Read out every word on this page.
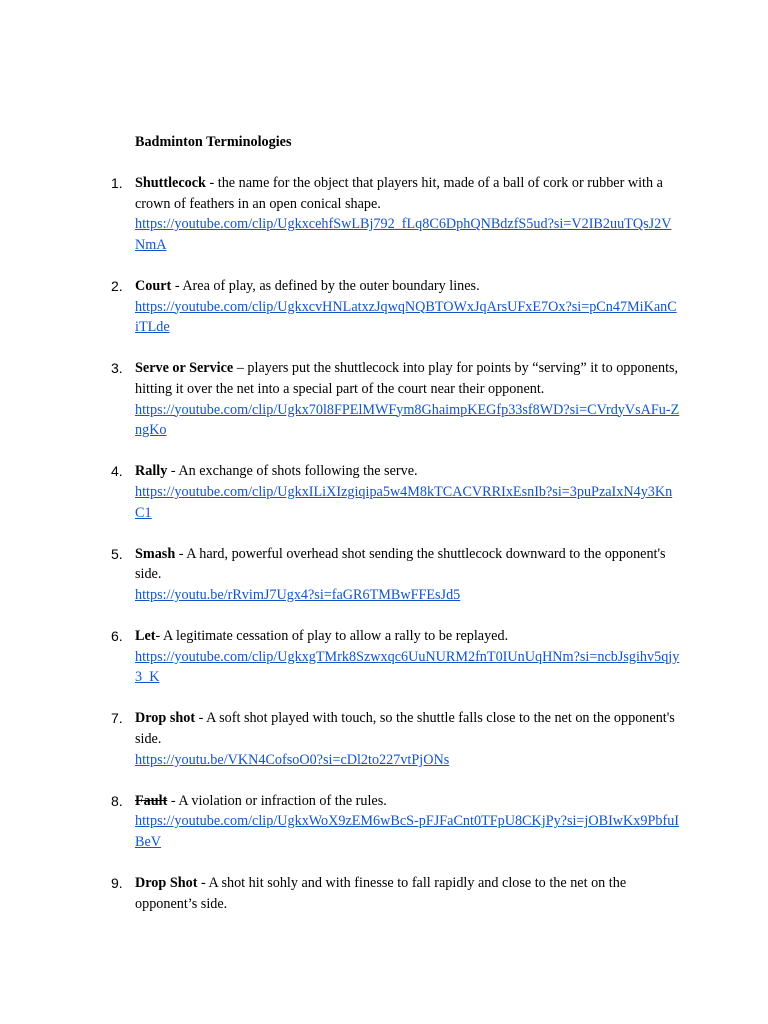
Badminton Terminologies

1. Shuttlecock - the name for the object that players hit, made of a ball of cork or rubber with a crown of feathers in an open conical shape.
https://youtube.com/clip/UgkxcehfSwLBj792_fLq8C6DphQNBdzfS5ud?si=V2IB2uuTQsJ2VNmA
2. Court - Area of play, as defined by the outer boundary lines.
https://youtube.com/clip/UgkxcvHNLatxzJqwqNQBTOWxJqArsUFxE7Ox?si=pCn47MiKanCiTLde
3. Serve or Service – players put the shuttlecock into play for points by “serving” it to opponents, hitting it over the net into a special part of the court near their opponent.
https://youtube.com/clip/Ugkx70l8FPElMWFym8GhaimpKEGfp33sf8WD?si=CVrdyVsAFu-ZngKo
4. Rally - An exchange of shots following the serve.
https://youtube.com/clip/UgkxILiXIzgiqipa5w4M8kTCACVRRIxEsnIb?si=3puPzaIxN4y3KnC1
5. Smash - A hard, powerful overhead shot sending the shuttlecock downward to the opponent's side.
https://youtu.be/rRvimJ7Ugx4?si=faGR6TMBwFFEsJd5
6. Let- A legitimate cessation of play to allow a rally to be replayed.
https://youtube.com/clip/UgkxgTMrk8Szwxqc6UuNURM2fnT0IUnUqHNm?si=ncbJsgihv5qjy3_K
7. Drop shot - A soft shot played with touch, so the shuttle falls close to the net on the opponent's side.
https://youtu.be/VKN4CofsoO0?si=cDl2to227vtPjONs
8. Fault - A violation or infraction of the rules.
https://youtube.com/clip/UgkxWoX9zEM6wBcS-pFJFaCnt0TFpU8CKjPy?si=jOBIwKx9PbfuIBeV
9. Drop Shot - A shot hit sohly and with finesse to fall rapidly and close to the net on the opponent’s side.
